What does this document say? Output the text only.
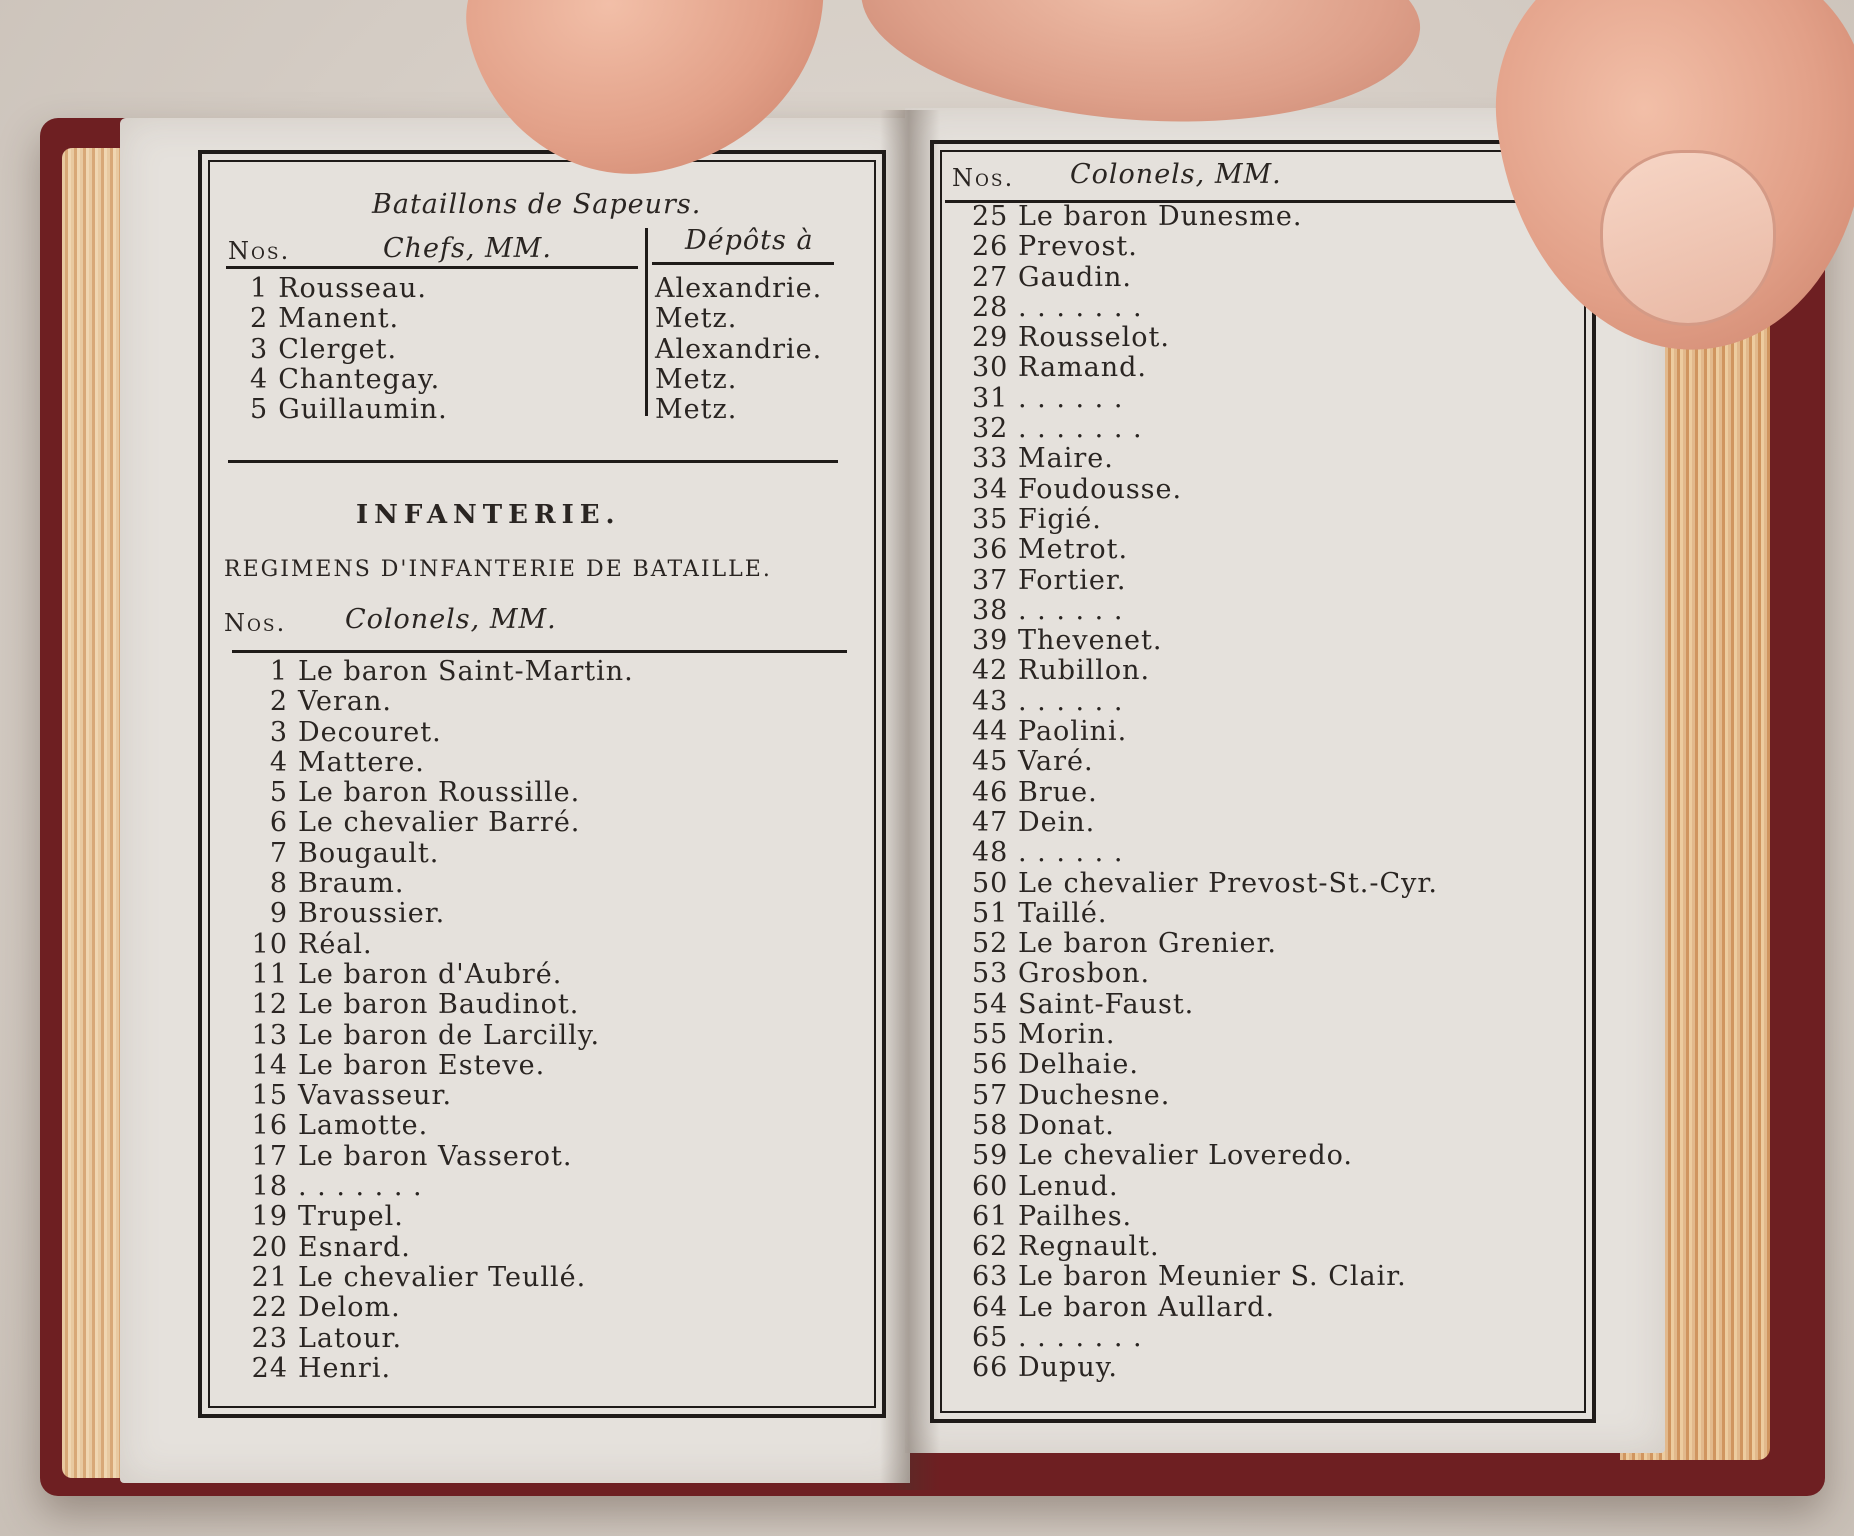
Bataillons de Sapeurs.
Nos.	Chefs, MM.	Dépôts à
1 Rousseau.
2 Manent.
3 Clerget.
4 Chantegay.
5 Guillaumin.
Alexandrie.
Metz.
Alexandrie.
Metz.
Metz.
INFANTERIE.
REGIMENS D'INFANTERIE DE BATAILLE.
Nos. Colonels, MM.
1 Le baron Saint-Martin.
2 Veran.
3 Decouret.
4 Mattere.
5 Le baron Roussille.
6 Le chevalier Barré.
7 Bougault.
8 Braum.
9 Broussier.
10 Réal.
11 Le baron d'Aubré.
12 Le baron Baudinot.
13 Le baron de Larcilly.
14 Le baron Esteve.
15 Vavasseur.
16 Lamotte.
17 Le baron Vasserot.
18 . . . . . . .
19 Trupel.
20 Esnard.
21 Le chevalier Teullé.
22 Delom.
23 Latour.
24 Henri.
Nos. Colonels, MM.
25 Le baron Dunesme.
26 Prevost.
27 Gaudin.
28 . . . . . . .
29 Rousselot.
30 Ramand.
31 . . . . . .
32 . . . . . . .
33 Maire.
34 Foudousse.
35 Figié.
36 Metrot.
37 Fortier.
38 . . . . . .
39 Thevenet.
42 Rubillon.
43 . . . . . .
44 Paolini.
45 Varé.
46 Brue.
47 Dein.
48 . . . . . .
50 Le chevalier Prevost-St.-Cyr.
51 Taillé.
52 Le baron Grenier.
53 Grosbon.
54 Saint-Faust.
55 Morin.
56 Delhaie.
57 Duchesne.
58 Donat.
59 Le chevalier Loveredo.
60 Lenud.
61 Pailhes.
62 Regnault.
63 Le baron Meunier S. Clair.
64 Le baron Aullard.
65 . . . . . . .
66 Dupuy.
